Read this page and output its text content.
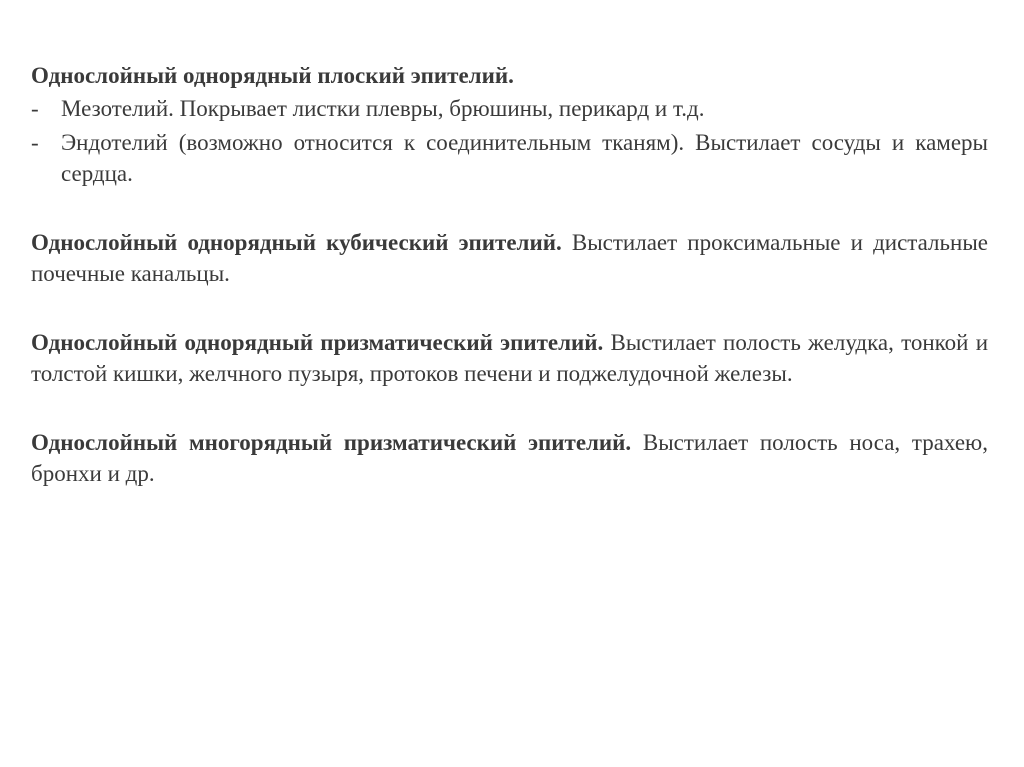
Однослойный однорядный плоский эпителий.

- Мезотелий. Покрывает листки плевры, брюшины, перикард и т.д.
- Эндотелий (возможно относится к соединительным тканям). Выстилает сосуды и камеры сердца.

Однослойный однорядный кубический эпителий. Выстилает проксимальные и дистальные почечные канальцы.

Однослойный однорядный призматический эпителий. Выстилает полость желудка, тонкой и толстой кишки, желчного пузыря, протоков печени и поджелудочной железы.

Однослойный многорядный призматический эпителий. Выстилает полость носа, трахею, бронхи и др.
